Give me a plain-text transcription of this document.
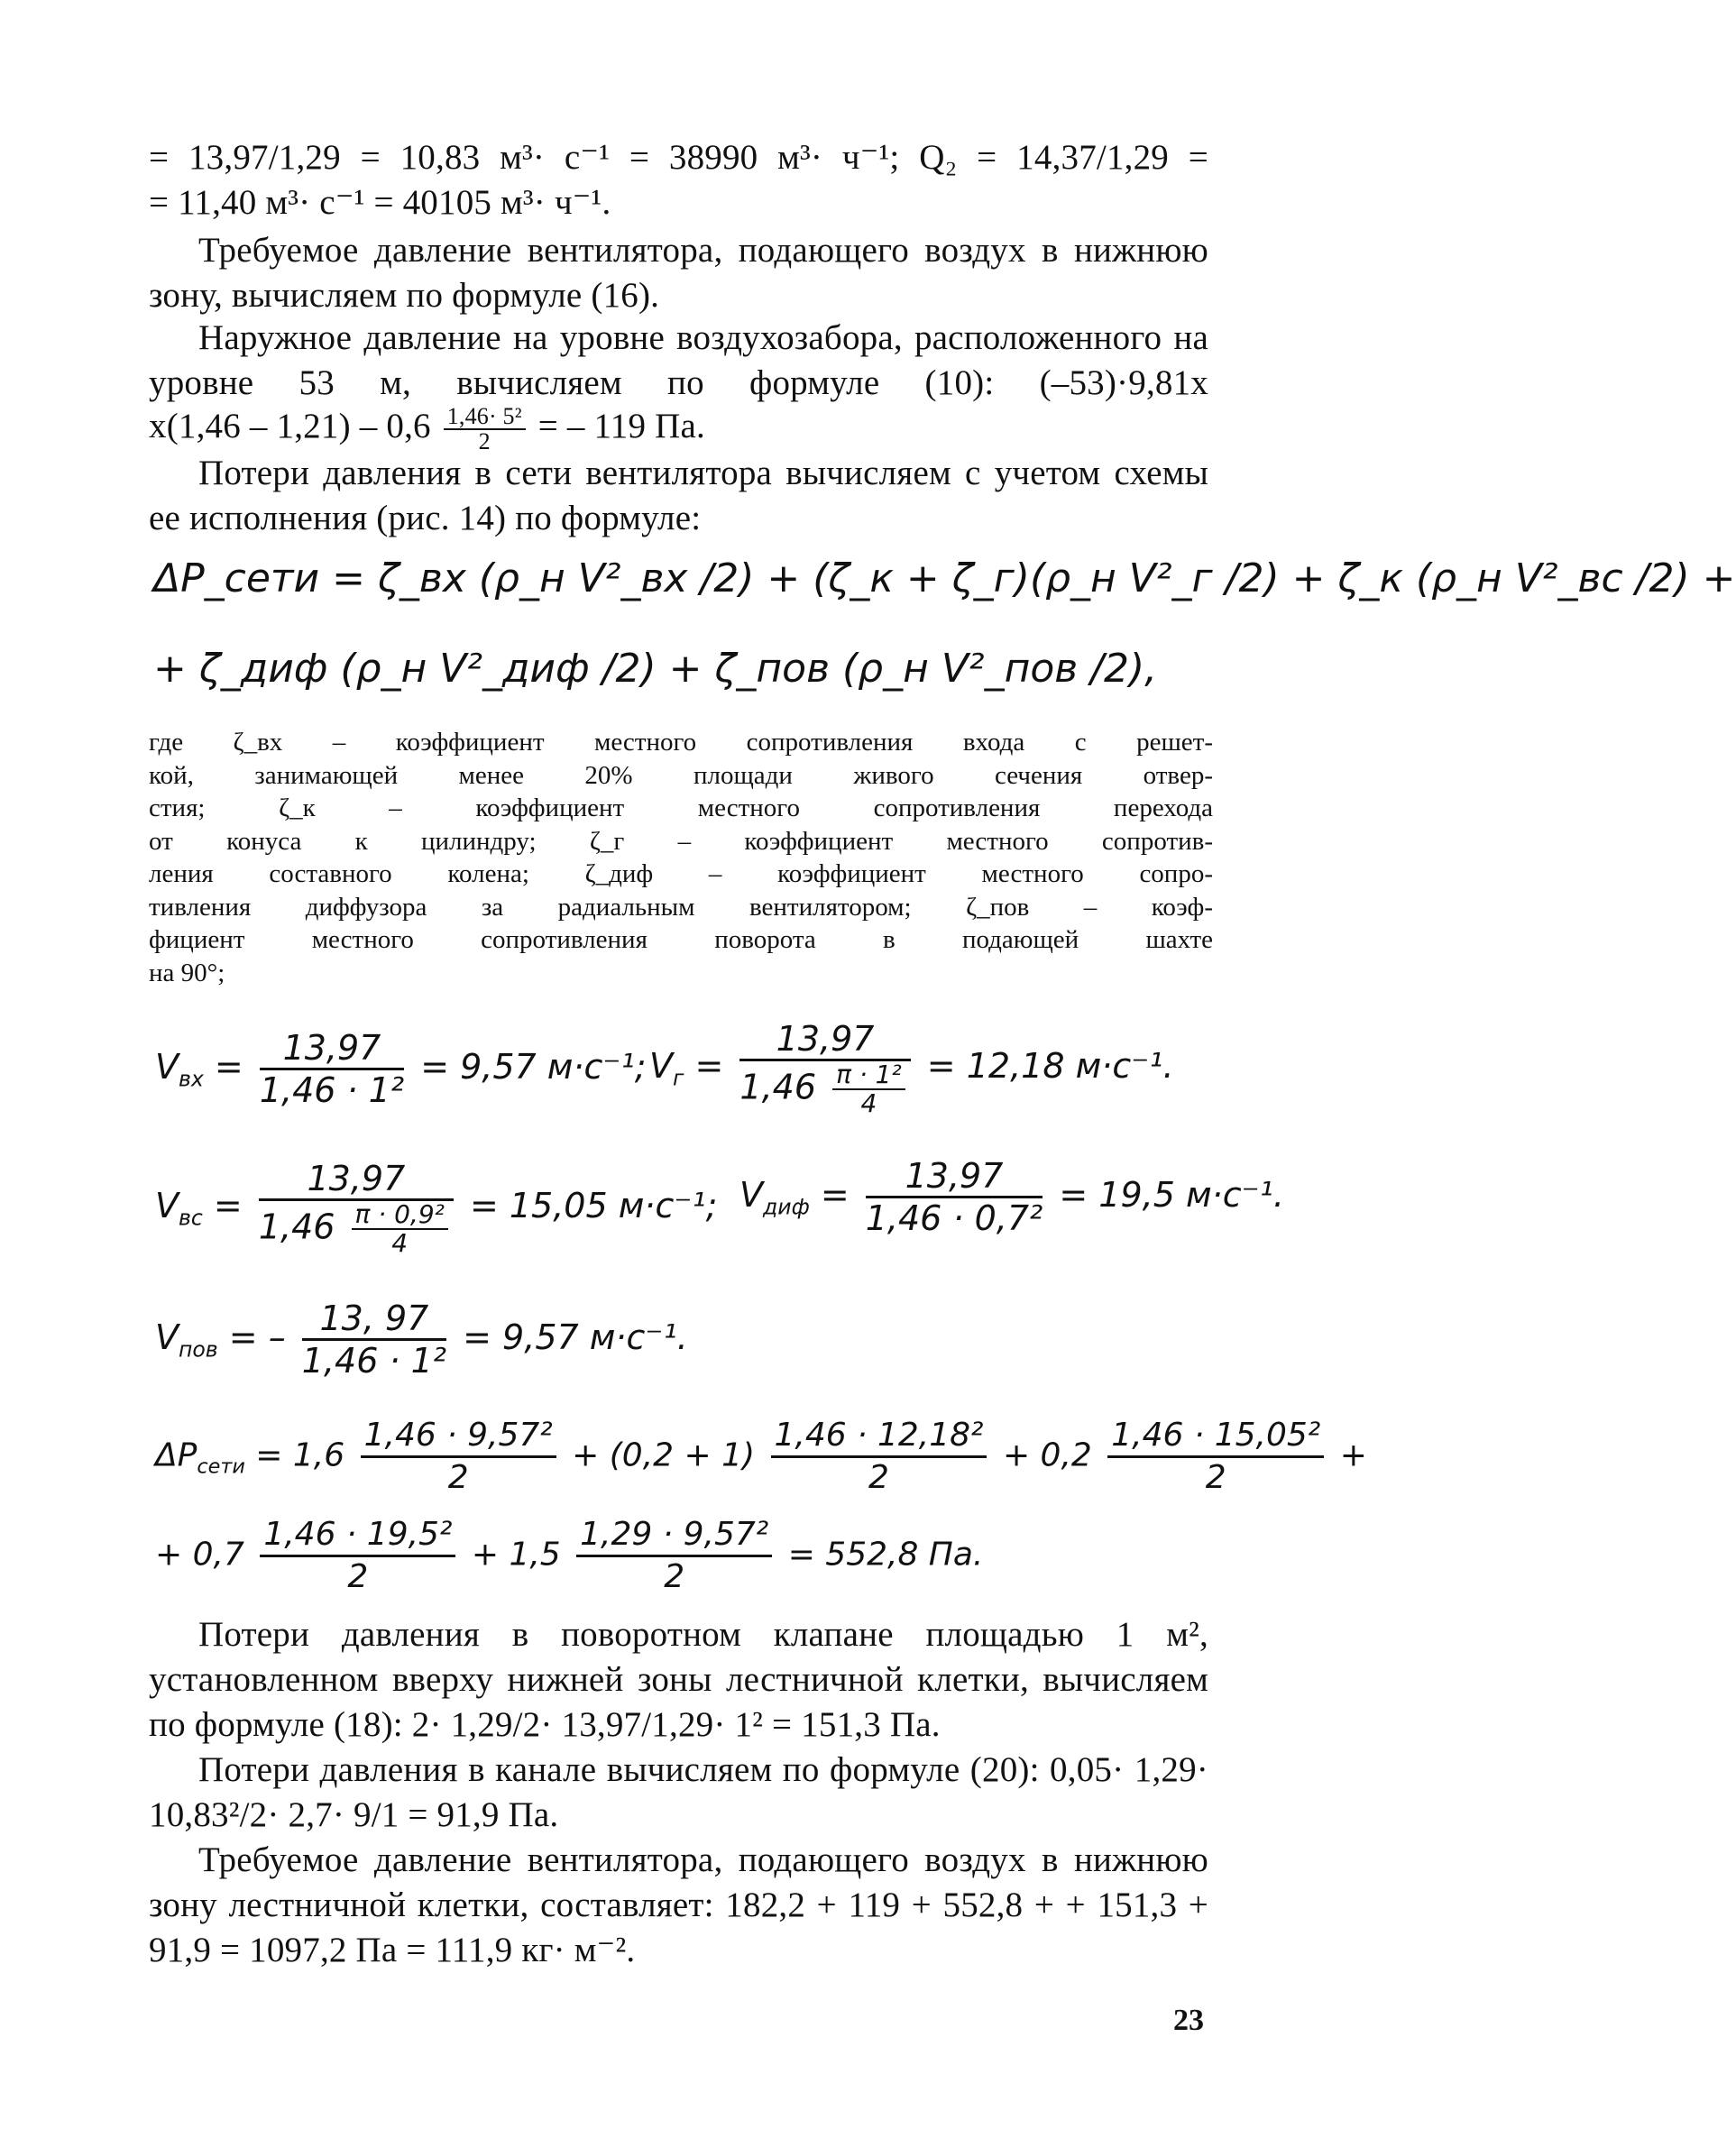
= 13,97/1,29 = 10,83 м³· с⁻¹ = 38990 м³· ч⁻¹; Q₂ = 14,37/1,29 =
= 11,40 м³· с⁻¹ = 40105 м³· ч⁻¹.
Требуемое давление вентилятора, подающего воздух в нижнюю зону, вычисляем по формуле (16).
Наружное давление на уровне воздухозабора, расположенного на уровне 53 м, вычисляем по формуле (10): (–53)·9,81х
$х(1,46 - 1,21) - 0,6 \frac{\text{1,46· 5²}}{2}$ = – 119 Па.
Потери давления в сети вентилятора вычисляем с учетом схемы ее исполнения (рис. 14) по формуле:
ΔP_сети = ζ_вх (ρ_н V²_вх /2) + (ζ_к + ζ_г)(ρ_н V²_г /2) + ζ_к (ρ_н V²_вс /2) +
+ ζ_диф (ρ_н V²_диф /2) + ζ_пов (ρ_н V²_пов /2),
где ζ_вх – коэффициент местного сопротивления входа с решет-
кой, занимающей менее 20% площади живого сечения отвер-
стия; ζ_к – коэффициент местного сопротивления перехода
от конуса к цилиндру; ζ_г – коэффициент местного сопротив-
ления составного колена; ζ_диф – коэффициент местного сопро-
тивления диффузора за радиальным вентилятором; ζ_пов – коэф-
фициент местного сопротивления поворота в подающей шахте
на 90°;
$V_{вх} = \frac{13,97}{\text{1,46 · 1²}} = 9,57$ м·с⁻¹; $V_г = \frac{13,97}{1,46 \frac{\text{π · 1²}}{4}} = 12,18$ м·с⁻¹.
$V_{вс} = \frac{13,97}{1,46 \frac{\text{π · 0,9²}}{4}} = 15,05$ м·с⁻¹; $V_{диф} = \frac{13,97}{\text{1,46 · 0,7²}} = 19,5$ м·с⁻¹.
$V_{пов}$ = – $\frac{13, 97}{\text{1,46 · 1²}} = 9,57$ м·с⁻¹.
$\Delta P_{сети} = 1,6 \frac{\text{1,46 · 9,57²}}{2} + (0,2 + 1) \frac{\text{1,46 · 12,18²}}{2} + 0,2 \frac{\text{1,46 · 15,05²}}{2}$ +
+ $0,7 \frac{\text{1,46 · 19,5²}}{2} + 1,5 \frac{\text{1,29 · 9,57²}}{2} = 552,8$ Па.
Потери давления в поворотном клапане площадью 1 м², установленном вверху нижней зоны лестничной клетки, вычисляем по формуле (18): 2· 1,29/2· 13,97/1,29· 1² = 151,3 Па.
Потери давления в канале вычисляем по формуле (20): 0,05· 1,29· 10,83²/2· 2,7· 9/1 = 91,9 Па.
Требуемое давление вентилятора, подающего воздух в нижнюю зону лестничной клетки, составляет: 182,2 + 119 + 552,8 + + 151,3 + 91,9 = 1097,2 Па = 111,9 кг· м⁻².
23
